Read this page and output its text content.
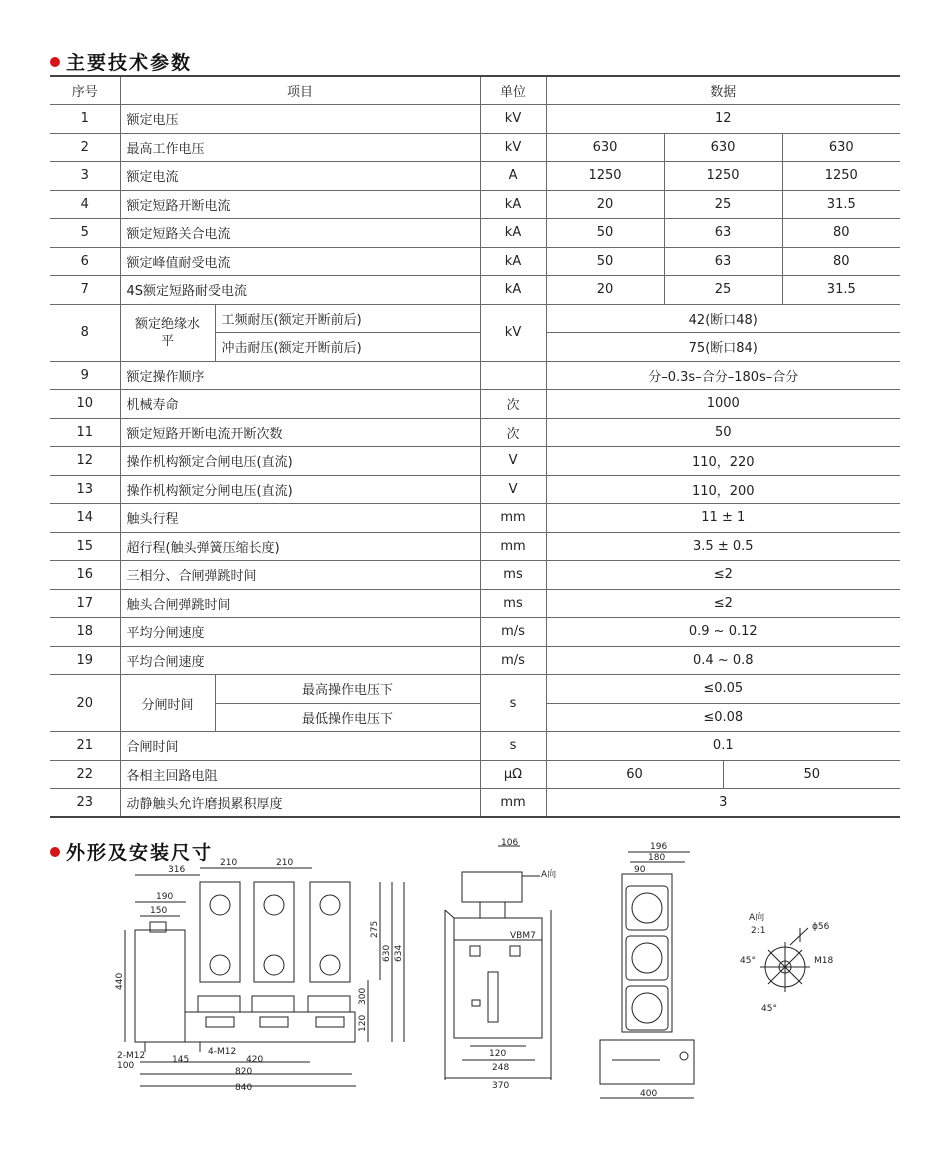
主要技术参数
序号	项目		单位	数据			
1	额定电压		kV	12			
2	最高工作电压		kV	630	630		630
3	额定电流		A	1250	1250		1250
4	额定短路开断电流		kA	20	25		31.5
5	额定短路关合电流		kA	50	63		80
6	额定峰值耐受电流		kA	50	63		80
7	4S额定短路耐受电流		kA	20	25		31.5
8	额定绝缘水平	工频耐压(额定开断前后)	kV	42(断口48)			
		冲击耐压(额定开断前后)		75(断口84)			
9	额定操作顺序			分–0.3s–合分–180s–合分			
10	机械寿命		次	1000			
11	额定短路开断电流开断次数		次	50			
12	操作机构额定合闸电压(直流)		V	110，220			
13	操作机构额定分闸电压(直流)		V	110，200			
14	触头行程		mm	11 ± 1			
15	超行程(触头弹簧压缩长度)		mm	3.5 ± 0.5			
16	三相分、合闸弹跳时间		ms	≤2			
17	触头合闸弹跳时间		ms	≤2			
18	平均分闸速度		m/s	0.9 ~ 0.12			
19	平均合闸速度		m/s	0.4 ~ 0.8			
20	分闸时间	最高操作电压下	s	≤0.05			
		最低操作电压下		≤0.08			
21	合闸时间		s	0.1			
22	各相主回路电阻		μΩ	60		50	
23	动静触头允许磨损累积厚度		mm	3			
外形及安装尺寸
316
210	210
190
150
440
275
630 634
300
120
2-M12	4-M12
100
145	420
820
840
106
A向
VBM7
120
248
370
196
180
90
400
A向
2:1	ϕ56
M18
45°
45°
